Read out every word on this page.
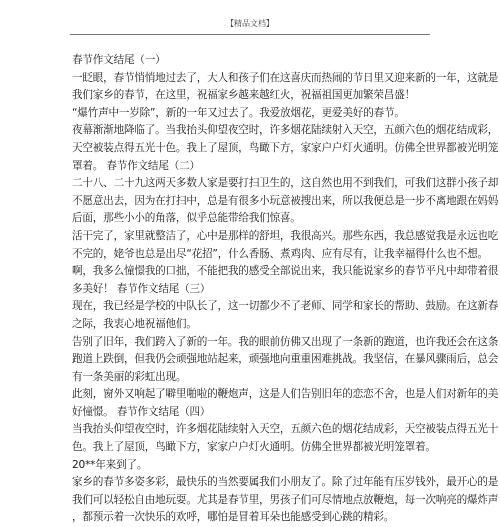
【精品文档】

春节作文结尾（一）

一眨眼，春节悄悄地过去了，大人和孩子们在这喜庆而热闹的节日里又迎来新的一年，这就是

我们家乡的春节，在这里，祝福家乡越来越红火，祝福祖国更加繁荣昌盛！

“爆竹声中一岁除”，新的一年又过去了。我爱放烟花，更爱美好的春节。

夜幕渐渐地降临了。当我抬头仰望夜空时，许多烟花陆续射入天空，五颜六色的烟花结成彩，

天空被装点得五光十色。我上了屋顶，鸟瞰下方，家家户户灯火通明。仿佛全世界都被光明笼

罩着。 春节作文结尾（二）

二十八、二十九这两天多数人家是要打扫卫生的，这自然也用不到我们，可我们这群小孩子却

不愿意出去，因为在打扫中，总是有很多小玩意被搜出来，所以我便总是一步不离地跟在妈妈

后面，那些小小的角落，似乎总能带给我们惊喜。

活干完了，家里就整洁了，心中是那样的舒坦，我很高兴。那些东西，我总感觉我是永远也吃

不完的，姥爷也总是出尽“花招”，什么香肠、煮鸡肉、应有尽有，让我幸福得什么也不想。

啊，我多么憧憬我的口拙，不能把我的感受全部说出来，我只能说家乡的春节平凡中却带着很

多美好！ 春节作文结尾（三）

现在，我已经是学校的中队长了，这一切都少不了老师、同学和家长的帮助、鼓励。在这新春

之际，我衷心地祝福他们。

告别了旧年，我们跨入了新的一年。我的眼前仿佛又出现了一条新的跑道，也许我还会在这条

跑道上跌倒，但我仍会顽强地站起来，顽强地向重重困难挑战。我坚信，在暴风骤雨后，总会

有一条美丽的彩虹出现。

此刻，窗外又响起了噼里啪啦的鞭炮声，这是人们告别旧年的恋恋不舍，也是人们对新年的美

好憧憬。 春节作文结尾（四）

当我抬头仰望夜空时，许多烟花陆续射入天空，五颜六色的烟花结成彩，天空被装点得五光十

色。我上了屋顶，鸟瞰下方，家家户户灯火通明。仿佛全世界都被光明笼罩着。

20**年来到了。

家乡的春节多姿多彩，最快乐的当然要属我们小朋友了。除了过年能有压岁钱外，最开心的是

我们可以轻松自由地玩耍。尤其是春节里，男孩子们可尽情地点放鞭炮，每一次响亮的爆炸声

，都预示着一次快乐的欢呼，哪怕是冒着耳朵也能感受到心跳的精彩。
